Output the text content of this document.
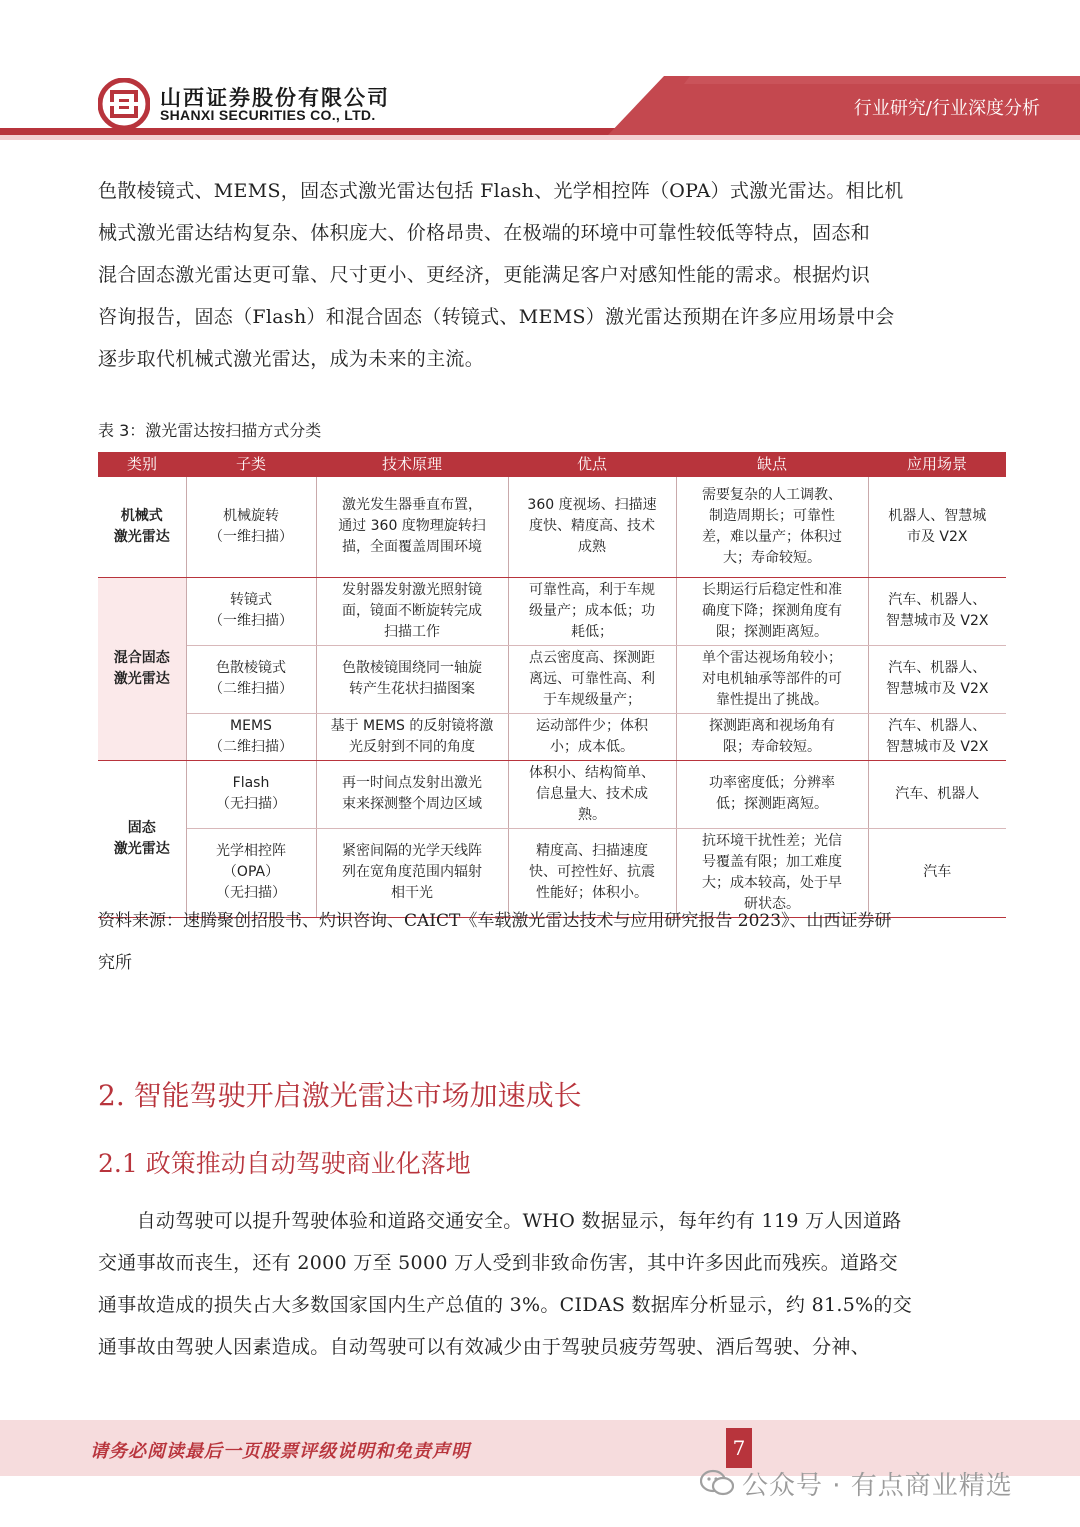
山西证券股份有限公司
SHANXI SECURITIES CO., LTD.	行业研究/行业深度分析
色散棱镜式、MEMS，固态式激光雷达包括 Flash、光学相控阵（OPA）式激光雷达。相比机
械式激光雷达结构复杂、体积庞大、价格昂贵、在极端的环境中可靠性较低等特点，固态和
混合固态激光雷达更可靠、尺寸更小、更经济，更能满足客户对感知性能的需求。根据灼识
咨询报告，固态（Flash）和混合固态（转镜式、MEMS）激光雷达预期在许多应用场景中会
逐步取代机械式激光雷达，成为未来的主流。
表 3：激光雷达按扫描方式分类
类别	子类	技术原理	优点	缺点	应用场景
机械式
激光雷达	机械旋转
（一维扫描）	激光发生器垂直布置，
通过 360 度物理旋转扫
描，全面覆盖周围环境	360 度视场、扫描速
度快、精度高、技术
成熟	需要复杂的人工调教、
制造周期长；可靠性
差，难以量产；体积过
大；寿命较短。	机器人、智慧城
市及 V2X
混合固态
激光雷达	转镜式
（一维扫描）	发射器发射激光照射镜
面，镜面不断旋转完成
扫描工作	可靠性高，利于车规
级量产；成本低；功
耗低；	长期运行后稳定性和准
确度下降；探测角度有
限；探测距离短。	汽车、机器人、
智慧城市及 V2X
	色散棱镜式
（二维扫描）	色散棱镜围绕同一轴旋
转产生花状扫描图案	点云密度高、探测距
离远、可靠性高、利
于车规级量产；	单个雷达视场角较小；
对电机轴承等部件的可
靠性提出了挑战。	汽车、机器人、
智慧城市及 V2X
	MEMS
（二维扫描）	基于 MEMS 的反射镜将激
光反射到不同的角度	运动部件少；体积
小；成本低。	探测距离和视场角有
限；寿命较短。	汽车、机器人、
智慧城市及 V2X
固态
激光雷达	Flash
（无扫描）	再一时间点发射出激光
束来探测整个周边区域	体积小、结构简单、
信息量大、技术成
熟。	功率密度低；分辨率
低；探测距离短。	汽车、机器人
	光学相控阵
（OPA）
（无扫描）	紧密间隔的光学天线阵
列在宽角度范围内辐射
相干光	精度高、扫描速度
快、可控性好、抗震
性能好；体积小。	抗环境干扰性差；光信
号覆盖有限；加工难度
大；成本较高，处于早
研状态。	汽车
资料来源：速腾聚创招股书、灼识咨询、CAICT《车载激光雷达技术与应用研究报告 2023》、山西证券研
究所
2. 智能驾驶开启激光雷达市场加速成长
2.1 政策推动自动驾驶商业化落地
　　自动驾驶可以提升驾驶体验和道路交通安全。WHO 数据显示，每年约有 119 万人因道路
交通事故而丧生，还有 2000 万至 5000 万人受到非致命伤害，其中许多因此而残疾。道路交
通事故造成的损失占大多数国家国内生产总值的 3%。CIDAS 数据库分析显示，约 81.5%的交
通事故由驾驶人因素造成。自动驾驶可以有效减少由于驾驶员疲劳驾驶、酒后驾驶、分神、
请务必阅读最后一页股票评级说明和免责声明	7
公众号 · 有点商业精选
